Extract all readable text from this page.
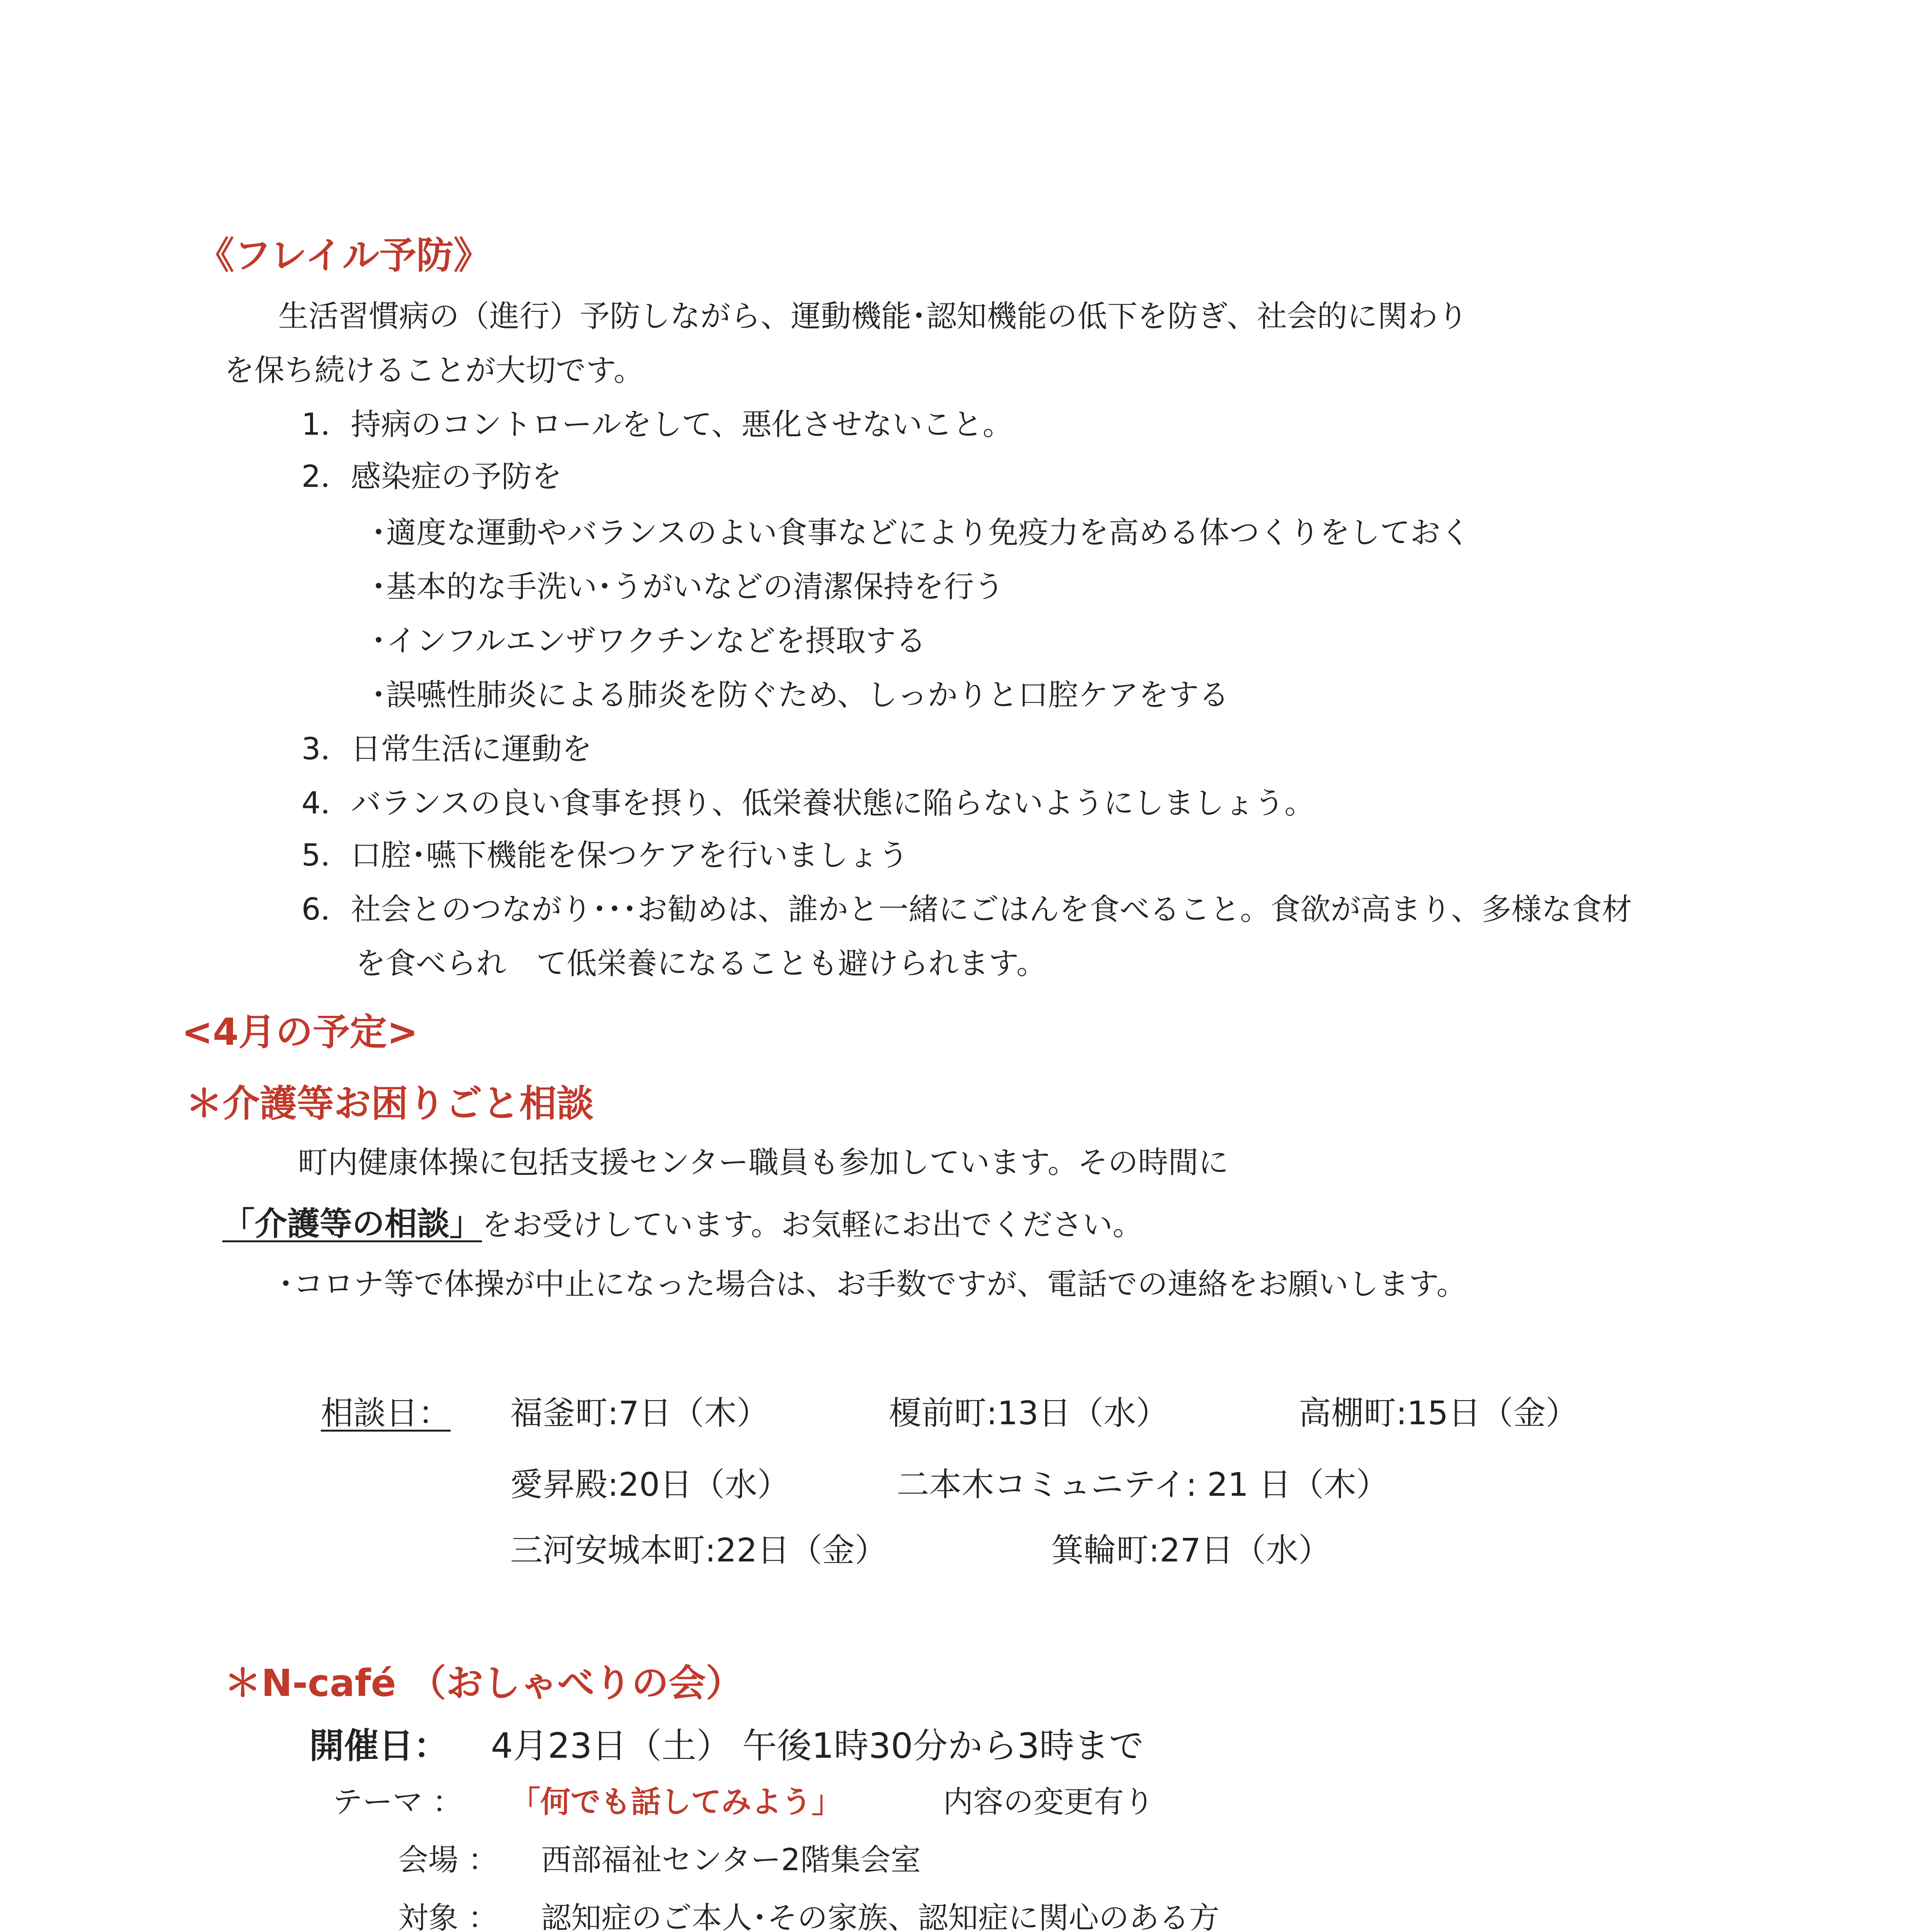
《フレイル予防》
生活習慣病の（進行）予防しながら、運動機能･認知機能の低下を防ぎ、社会的に関わり
を保ち続けることが大切です。
1．持病のコントロールをして、悪化させないこと。
2．感染症の予防を
･適度な運動やバランスのよい食事などにより免疫力を高める体つくりをしておく
･基本的な手洗い･うがいなどの清潔保持を行う
･インフルエンザワクチンなどを摂取する
･誤嚥性肺炎による肺炎を防ぐため、しっかりと口腔ケアをする
3．日常生活に運動を
4．バランスの良い食事を摂り、低栄養状態に陥らないようにしましょう。
5．口腔･嚥下機能を保つケアを行いましょう
6．社会とのつながり･･･お勧めは、誰かと一緒にごはんを食べること。食欲が高まり、多様な食材
を食べられ　て低栄養になることも避けられます。
<4月の予定>
＊介護等お困りごと相談
町内健康体操に包括支援センター職員も参加しています。その時間に
「介護等の相談」をお受けしています。お気軽にお出でください。
･コロナ等で体操が中止になった場合は、お手数ですが、電話での連絡をお願いします。
相談日： 福釜町:7日（木）	榎前町:13日（水）	高棚町:15日（金）
愛昇殿:20日（水）	二本木コミュニテイ: 21 日（木）
三河安城本町:22日（金）	箕輪町:27日（水）
＊N-café （おしゃべりの会）
開催日： 4月23日（土） 午後1時30分から3時まで
テーマ ： 「何でも話してみよう」	内容の変更有り
会場 ： 西部福祉センター2階集会室
対象 ： 認知症のご本人･その家族、認知症に関心のある方
